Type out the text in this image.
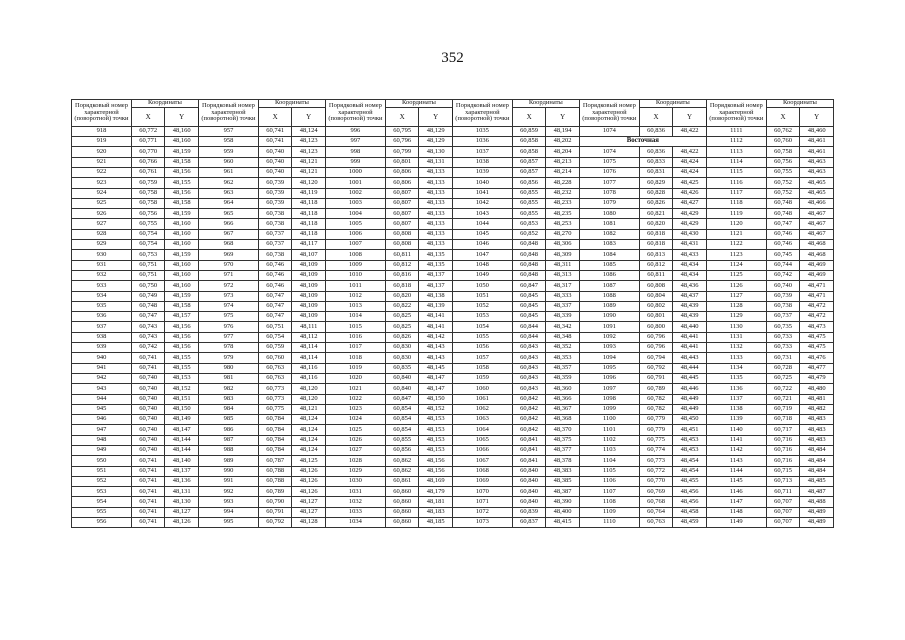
352
Порядковый номер характерной (поворотной) точки	Координаты		Порядковый номер характерной (поворотной) точки	Координаты		Порядковый номер характерной (поворотной) точки	Координаты		Порядковый номер характерной (поворотной) точки	Координаты		Порядковый номер характерной (поворотной) точки	Координаты		Порядковый номер характерной (поворотной) точки	Координаты	
	X	Y		X	Y		X	Y		X	Y		X	Y		X	Y
918	60,772	48,160	957	60,741	48,124	996	60,795	48,129	1035	60,859	48,194	1074	60,836	48,422	1111	60,762	48,460
919	60,771	48,160	958	60,741	48,123	997	60,796	48,129	1036	60,858	48,202	Восточная			1112	60,760	48,461
920	60,770	48,159	959	60,740	48,123	998	60,799	48,130	1037	60,858	48,204	1074	60,836	48,422	1113	60,758	48,461
921	60,766	48,158	960	60,740	48,121	999	60,801	48,131	1038	60,857	48,213	1075	60,833	48,424	1114	60,756	48,463
922	60,761	48,156	961	60,740	48,121	1000	60,806	48,133	1039	60,857	48,214	1076	60,831	48,424	1115	60,755	48,463
923	60,759	48,155	962	60,739	48,120	1001	60,806	48,133	1040	60,856	48,228	1077	60,829	48,425	1116	60,752	48,465
924	60,758	48,156	963	60,739	48,119	1002	60,807	48,133	1041	60,855	48,232	1078	60,828	48,426	1117	60,752	48,465
925	60,758	48,158	964	60,739	48,118	1003	60,807	48,133	1042	60,855	48,233	1079	60,826	48,427	1118	60,748	48,466
926	60,756	48,159	965	60,738	48,118	1004	60,807	48,133	1043	60,855	48,235	1080	60,821	48,429	1119	60,748	48,467
927	60,755	48,160	966	60,738	48,118	1005	60,807	48,133	1044	60,853	48,253	1081	60,820	48,429	1120	60,747	48,467
928	60,754	48,160	967	60,737	48,118	1006	60,808	48,133	1045	60,852	48,270	1082	60,818	48,430	1121	60,746	48,467
929	60,754	48,160	968	60,737	48,117	1007	60,808	48,133	1046	60,848	48,306	1083	60,818	48,431	1122	60,746	48,468
930	60,753	48,159	969	60,738	48,107	1008	60,811	48,135	1047	60,848	48,309	1084	60,813	48,433	1123	60,745	48,468
931	60,751	48,160	970	60,746	48,109	1009	60,812	48,135	1048	60,848	48,311	1085	60,812	48,434	1124	60,744	48,469
932	60,751	48,160	971	60,746	48,109	1010	60,816	48,137	1049	60,848	48,313	1086	60,811	48,434	1125	60,742	48,469
933	60,750	48,160	972	60,746	48,109	1011	60,818	48,137	1050	60,847	48,317	1087	60,808	48,436	1126	60,740	48,471
934	60,749	48,159	973	60,747	48,109	1012	60,820	48,138	1051	60,845	48,333	1088	60,804	48,437	1127	60,739	48,471
935	60,748	48,158	974	60,747	48,109	1013	60,822	48,139	1052	60,845	48,337	1089	60,802	48,439	1128	60,738	48,472
936	60,747	48,157	975	60,747	48,109	1014	60,825	48,141	1053	60,845	48,339	1090	60,801	48,439	1129	60,737	48,472
937	60,743	48,156	976	60,751	48,111	1015	60,825	48,141	1054	60,844	48,342	1091	60,800	48,440	1130	60,735	48,473
938	60,743	48,156	977	60,754	48,112	1016	60,826	48,142	1055	60,844	48,348	1092	60,796	48,441	1131	60,733	48,475
939	60,742	48,156	978	60,759	48,114	1017	60,830	48,143	1056	60,843	48,352	1093	60,796	48,441	1132	60,733	48,475
940	60,741	48,155	979	60,760	48,114	1018	60,830	48,143	1057	60,843	48,353	1094	60,794	48,443	1133	60,731	48,476
941	60,741	48,155	980	60,763	48,116	1019	60,835	48,145	1058	60,843	48,357	1095	60,792	48,444	1134	60,728	48,477
942	60,740	48,153	981	60,763	48,116	1020	60,840	48,147	1059	60,843	48,359	1096	60,791	48,445	1135	60,725	48,479
943	60,740	48,152	982	60,773	48,120	1021	60,840	48,147	1060	60,843	48,360	1097	60,789	48,446	1136	60,722	48,480
944	60,740	48,151	983	60,773	48,120	1022	60,847	48,150	1061	60,842	48,366	1098	60,782	48,449	1137	60,721	48,481
945	60,740	48,150	984	60,775	48,121	1023	60,854	48,152	1062	60,842	48,367	1099	60,782	48,449	1138	60,719	48,482
946	60,740	48,149	985	60,784	48,124	1024	60,854	48,153	1063	60,842	48,368	1100	60,779	48,450	1139	60,718	48,483
947	60,740	48,147	986	60,784	48,124	1025	60,854	48,153	1064	60,842	48,370	1101	60,779	48,451	1140	60,717	48,483
948	60,740	48,144	987	60,784	48,124	1026	60,855	48,153	1065	60,841	48,375	1102	60,775	48,453	1141	60,716	48,483
949	60,740	48,144	988	60,784	48,124	1027	60,856	48,153	1066	60,841	48,377	1103	60,774	48,453	1142	60,716	48,484
950	60,741	48,140	989	60,787	48,125	1028	60,862	48,156	1067	60,841	48,378	1104	60,773	48,454	1143	60,716	48,484
951	60,741	48,137	990	60,788	48,126	1029	60,862	48,156	1068	60,840	48,383	1105	60,772	48,454	1144	60,715	48,484
952	60,741	48,136	991	60,788	48,126	1030	60,861	48,169	1069	60,840	48,385	1106	60,770	48,455	1145	60,713	48,485
953	60,741	48,131	992	60,789	48,126	1031	60,860	48,179	1070	60,840	48,387	1107	60,769	48,456	1146	60,711	48,487
954	60,741	48,130	993	60,790	48,127	1032	60,860	48,181	1071	60,840	48,390	1108	60,768	48,456	1147	60,707	48,488
955	60,741	48,127	994	60,791	48,127	1033	60,860	48,183	1072	60,839	48,400	1109	60,764	48,458	1148	60,707	48,489
956	60,741	48,126	995	60,792	48,128	1034	60,860	48,185	1073	60,837	48,415	1110	60,763	48,459	1149	60,707	48,489
